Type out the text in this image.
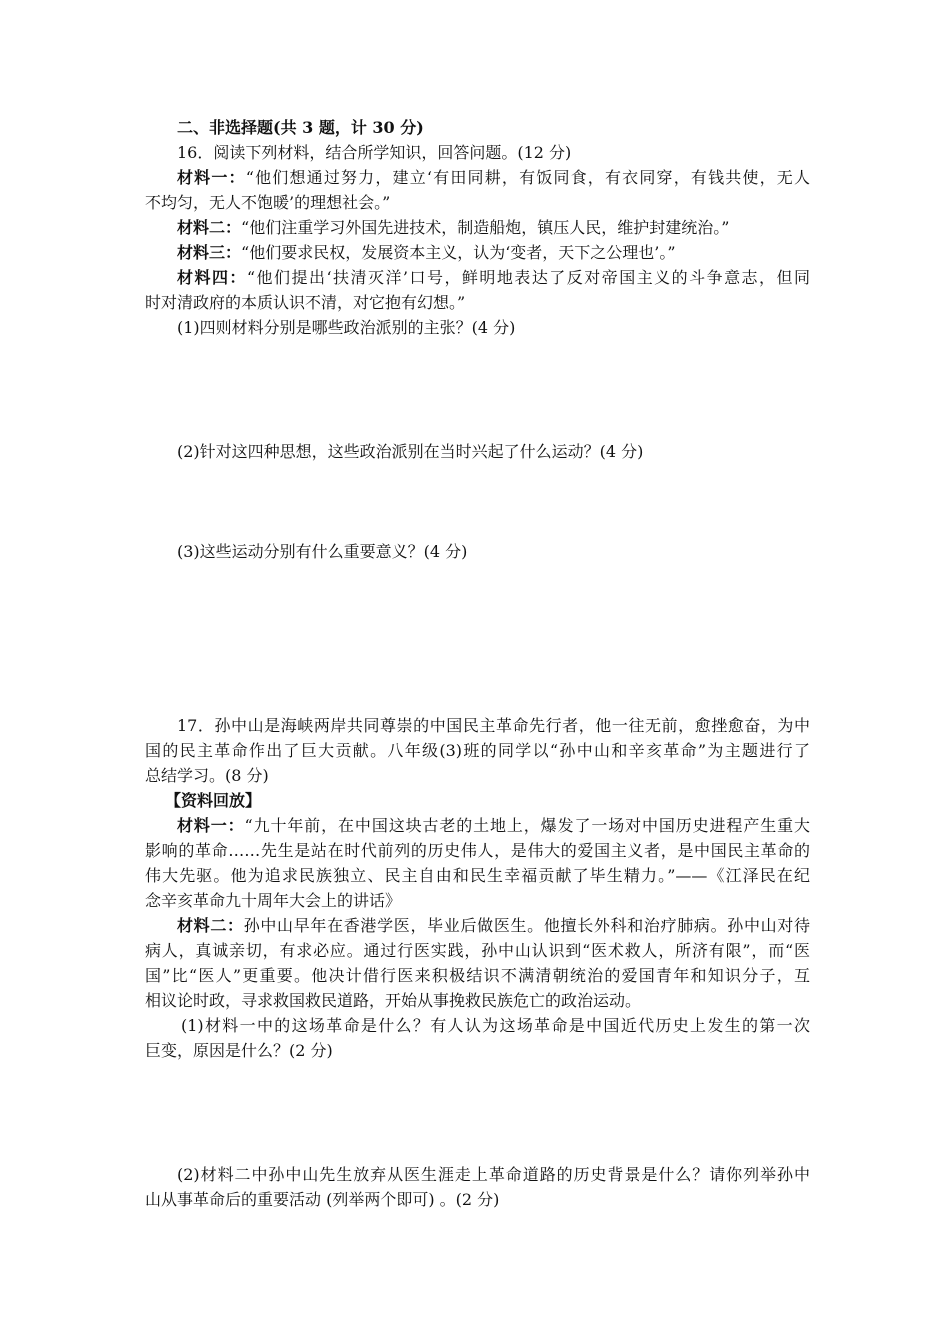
二、非选择题(共 3 题，计 30 分)
16．阅读下列材料，结合所学知识，回答问题。(12 分)
材料一：“他们想通过努力，建立‘有田同耕，有饭同食，有衣同穿，有钱共使，无人
不均匀，无人不饱暖’的理想社会。”
材料二：“他们注重学习外国先进技术，制造船炮，镇压人民，维护封建统治。”
材料三：“他们要求民权，发展资本主义，认为‘变者，天下之公理也’。”
材料四：“他们提出‘扶清灭洋’口号，鲜明地表达了反对帝国主义的斗争意志，但同
时对清政府的本质认识不清，对它抱有幻想。”
(1)四则材料分别是哪些政治派别的主张？(4 分)
(2)针对这四种思想，这些政治派别在当时兴起了什么运动？(4 分)
(3)这些运动分别有什么重要意义？(4 分)
17．孙中山是海峡两岸共同尊崇的中国民主革命先行者，他一往无前，愈挫愈奋，为中
国的民主革命作出了巨大贡献。八年级(3)班的同学以“孙中山和辛亥革命”为主题进行了
总结学习。(8 分)
【资料回放】
材料一：“九十年前，在中国这块古老的土地上，爆发了一场对中国历史进程产生重大
影响的革命……先生是站在时代前列的历史伟人，是伟大的爱国主义者，是中国民主革命的
伟大先驱。他为追求民族独立、民主自由和民生幸福贡献了毕生精力。”——《江泽民在纪
念辛亥革命九十周年大会上的讲话》
材料二：孙中山早年在香港学医，毕业后做医生。他擅长外科和治疗肺病。孙中山对待
病人，真诚亲切，有求必应。通过行医实践，孙中山认识到“医术救人，所济有限”，而“医
国”比“医人”更重要。他决计借行医来积极结识不满清朝统治的爱国青年和知识分子，互
相议论时政，寻求救国救民道路，开始从事挽救民族危亡的政治运动。
(1)材料一中的这场革命是什么？有人认为这场革命是中国近代历史上发生的第一次
巨变，原因是什么？(2 分)
(2)材料二中孙中山先生放弃从医生涯走上革命道路的历史背景是什么？请你列举孙中
山从事革命后的重要活动 (列举两个即可) 。(2 分)
